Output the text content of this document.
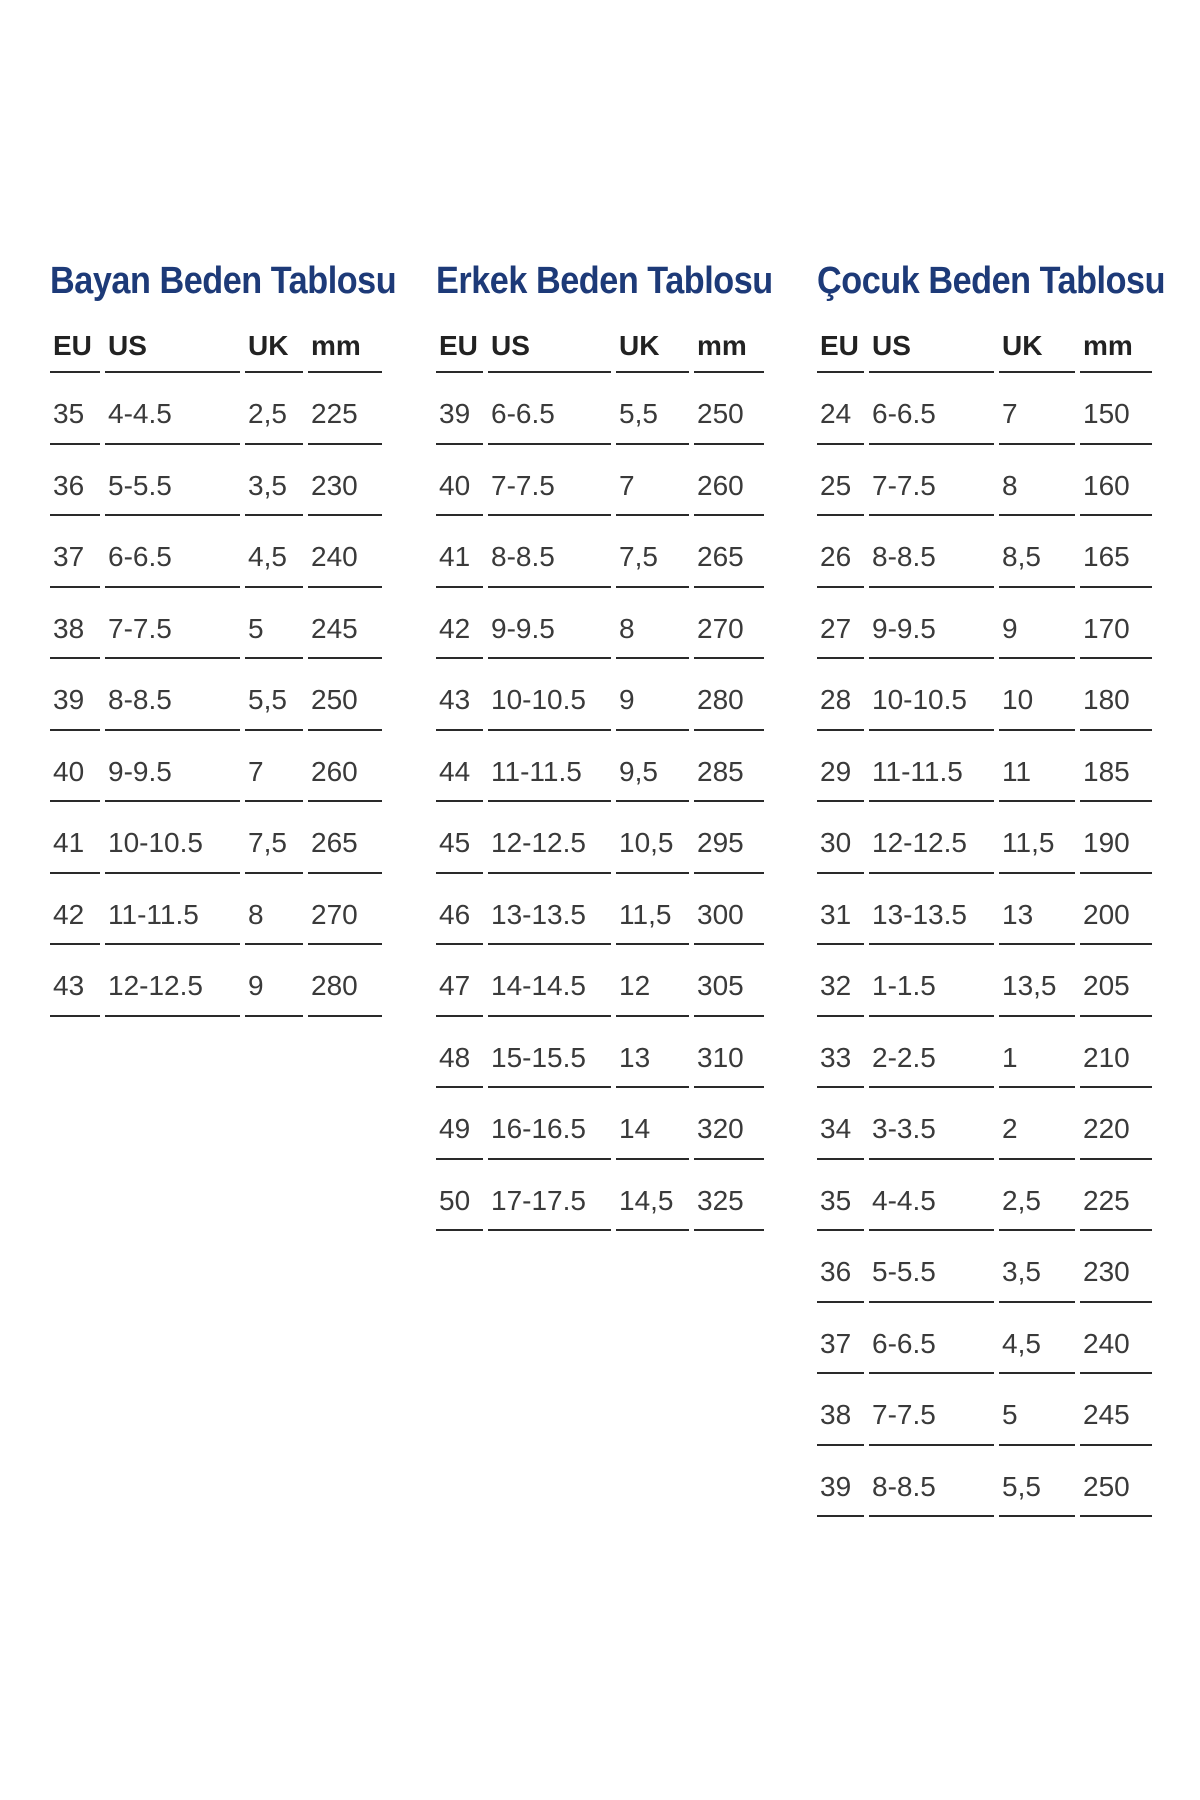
Bayan Beden Tablosu
EU US	UK mm
35 4-4.5	2,5 225
36 5-5.5	3,5 230
37 6-6.5	4,5 240
38 7-7.5	5	245
39 8-8.5	5,5 250
40 9-9.5	7	260
41 10-10.5	7,5 265
42 11-11.5	8	270
43 12-12.5	9	280
Erkek Beden Tablosu
EU US	UK	mm
39 6-6.5	5,5	250
40 7-7.5	7	260
41 8-8.5	7,5	265
42 9-9.5	8	270
43 10-10.5	9	280
44 11-11.5	9,5	285
45 12-12.5	10,5 295
46 13-13.5	11,5 300
47 14-14.5	12	305
48 15-15.5	13	310
49 16-16.5	14	320
50 17-17.5	14,5 325
Çocuk Beden Tablosu
EU US	UK	mm
24 6-6.5	7	150
25 7-7.5	8	160
26 8-8.5	8,5	165
27 9-9.5	9	170
28 10-10.5	10	180
29 11-11.5	11	185
30 12-12.5	11,5	190
31 13-13.5	13	200
32 1-1.5	13,5 205
33 2-2.5	1	210
34 3-3.5	2	220
35 4-4.5	2,5	225
36 5-5.5	3,5	230
37 6-6.5	4,5	240
38 7-7.5	5	245
39 8-8.5	5,5	250
